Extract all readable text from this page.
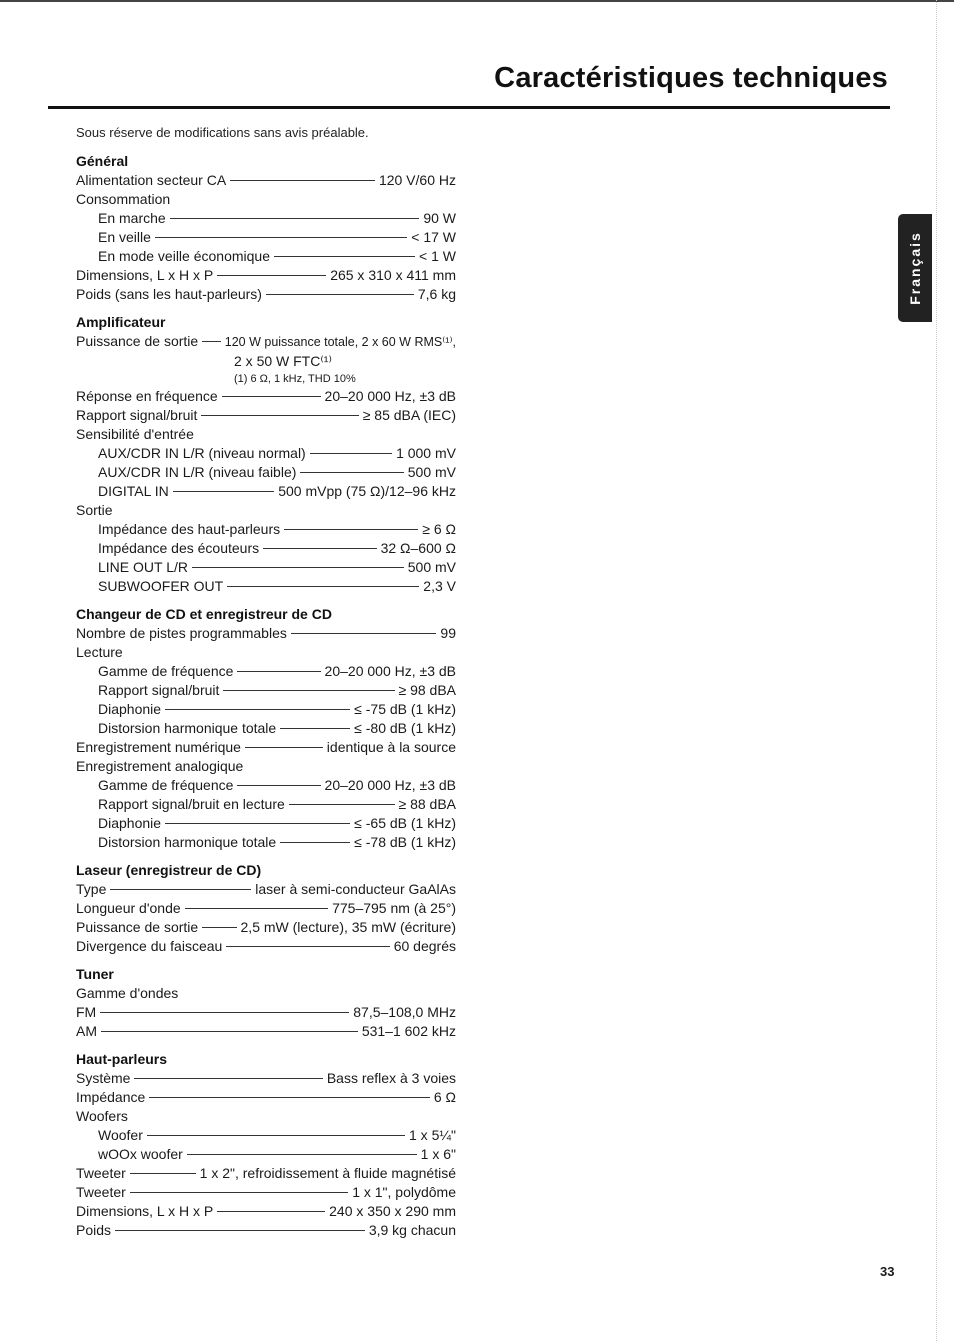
Caractéristiques techniques
Français
Sous réserve de modifications sans avis préalable.
Général
Alimentation secteur CA	120 V/60 Hz
Consommation
En marche	90 W
En veille	< 17 W
En mode veille économique	< 1 W
Dimensions, L x H x P	265 x 310 x 411 mm
Poids (sans les haut-parleurs)	7,6 kg
Amplificateur
Puissance de sortie 120 W puissance totale, 2 x 60 W RMS⁽¹⁾,
2 x 50 W FTC⁽¹⁾
(1) 6 Ω, 1 kHz, THD 10%
Réponse en fréquence	20–20 000 Hz, ±3 dB
Rapport signal/bruit	≥ 85 dBA (IEC)
Sensibilité d'entrée
AUX/CDR IN L/R (niveau normal)	1 000 mV
AUX/CDR IN L/R (niveau faible)	500 mV
DIGITAL IN	500 mVpp (75 Ω)/12–96 kHz
Sortie
Impédance des haut-parleurs	≥ 6 Ω
Impédance des écouteurs	32 Ω–600 Ω
LINE OUT L/R	500 mV
SUBWOOFER OUT	2,3 V
Changeur de CD et enregistreur de CD
Nombre de pistes programmables	99
Lecture
Gamme de fréquence	20–20 000 Hz, ±3 dB
Rapport signal/bruit	≥ 98 dBA
Diaphonie	≤ -75 dB (1 kHz)
Distorsion harmonique totale	≤ -80 dB (1 kHz)
Enregistrement numérique	identique à la source
Enregistrement analogique
Gamme de fréquence	20–20 000 Hz, ±3 dB
Rapport signal/bruit en lecture	≥ 88 dBA
Diaphonie	≤ -65 dB (1 kHz)
Distorsion harmonique totale	≤ -78 dB (1 kHz)
Laseur (enregistreur de CD)
Type	laser à semi-conducteur GaAlAs
Longueur d'onde	775–795 nm (à 25°)
Puissance de sortie	2,5 mW (lecture), 35 mW (écriture)
Divergence du faisceau	60 degrés
Tuner
Gamme d'ondes
FM	87,5–108,0 MHz
AM	531–1 602 kHz
Haut-parleurs
Système	Bass reflex à 3 voies
Impédance	6 Ω
Woofers
Woofer	1 x 5¼"
wOOx woofer	1 x 6"
Tweeter	1 x 2", refroidissement à fluide magnétisé
Tweeter	1 x 1", polydôme
Dimensions, L x H x P	240 x 350 x 290 mm
Poids	3,9 kg chacun
33
